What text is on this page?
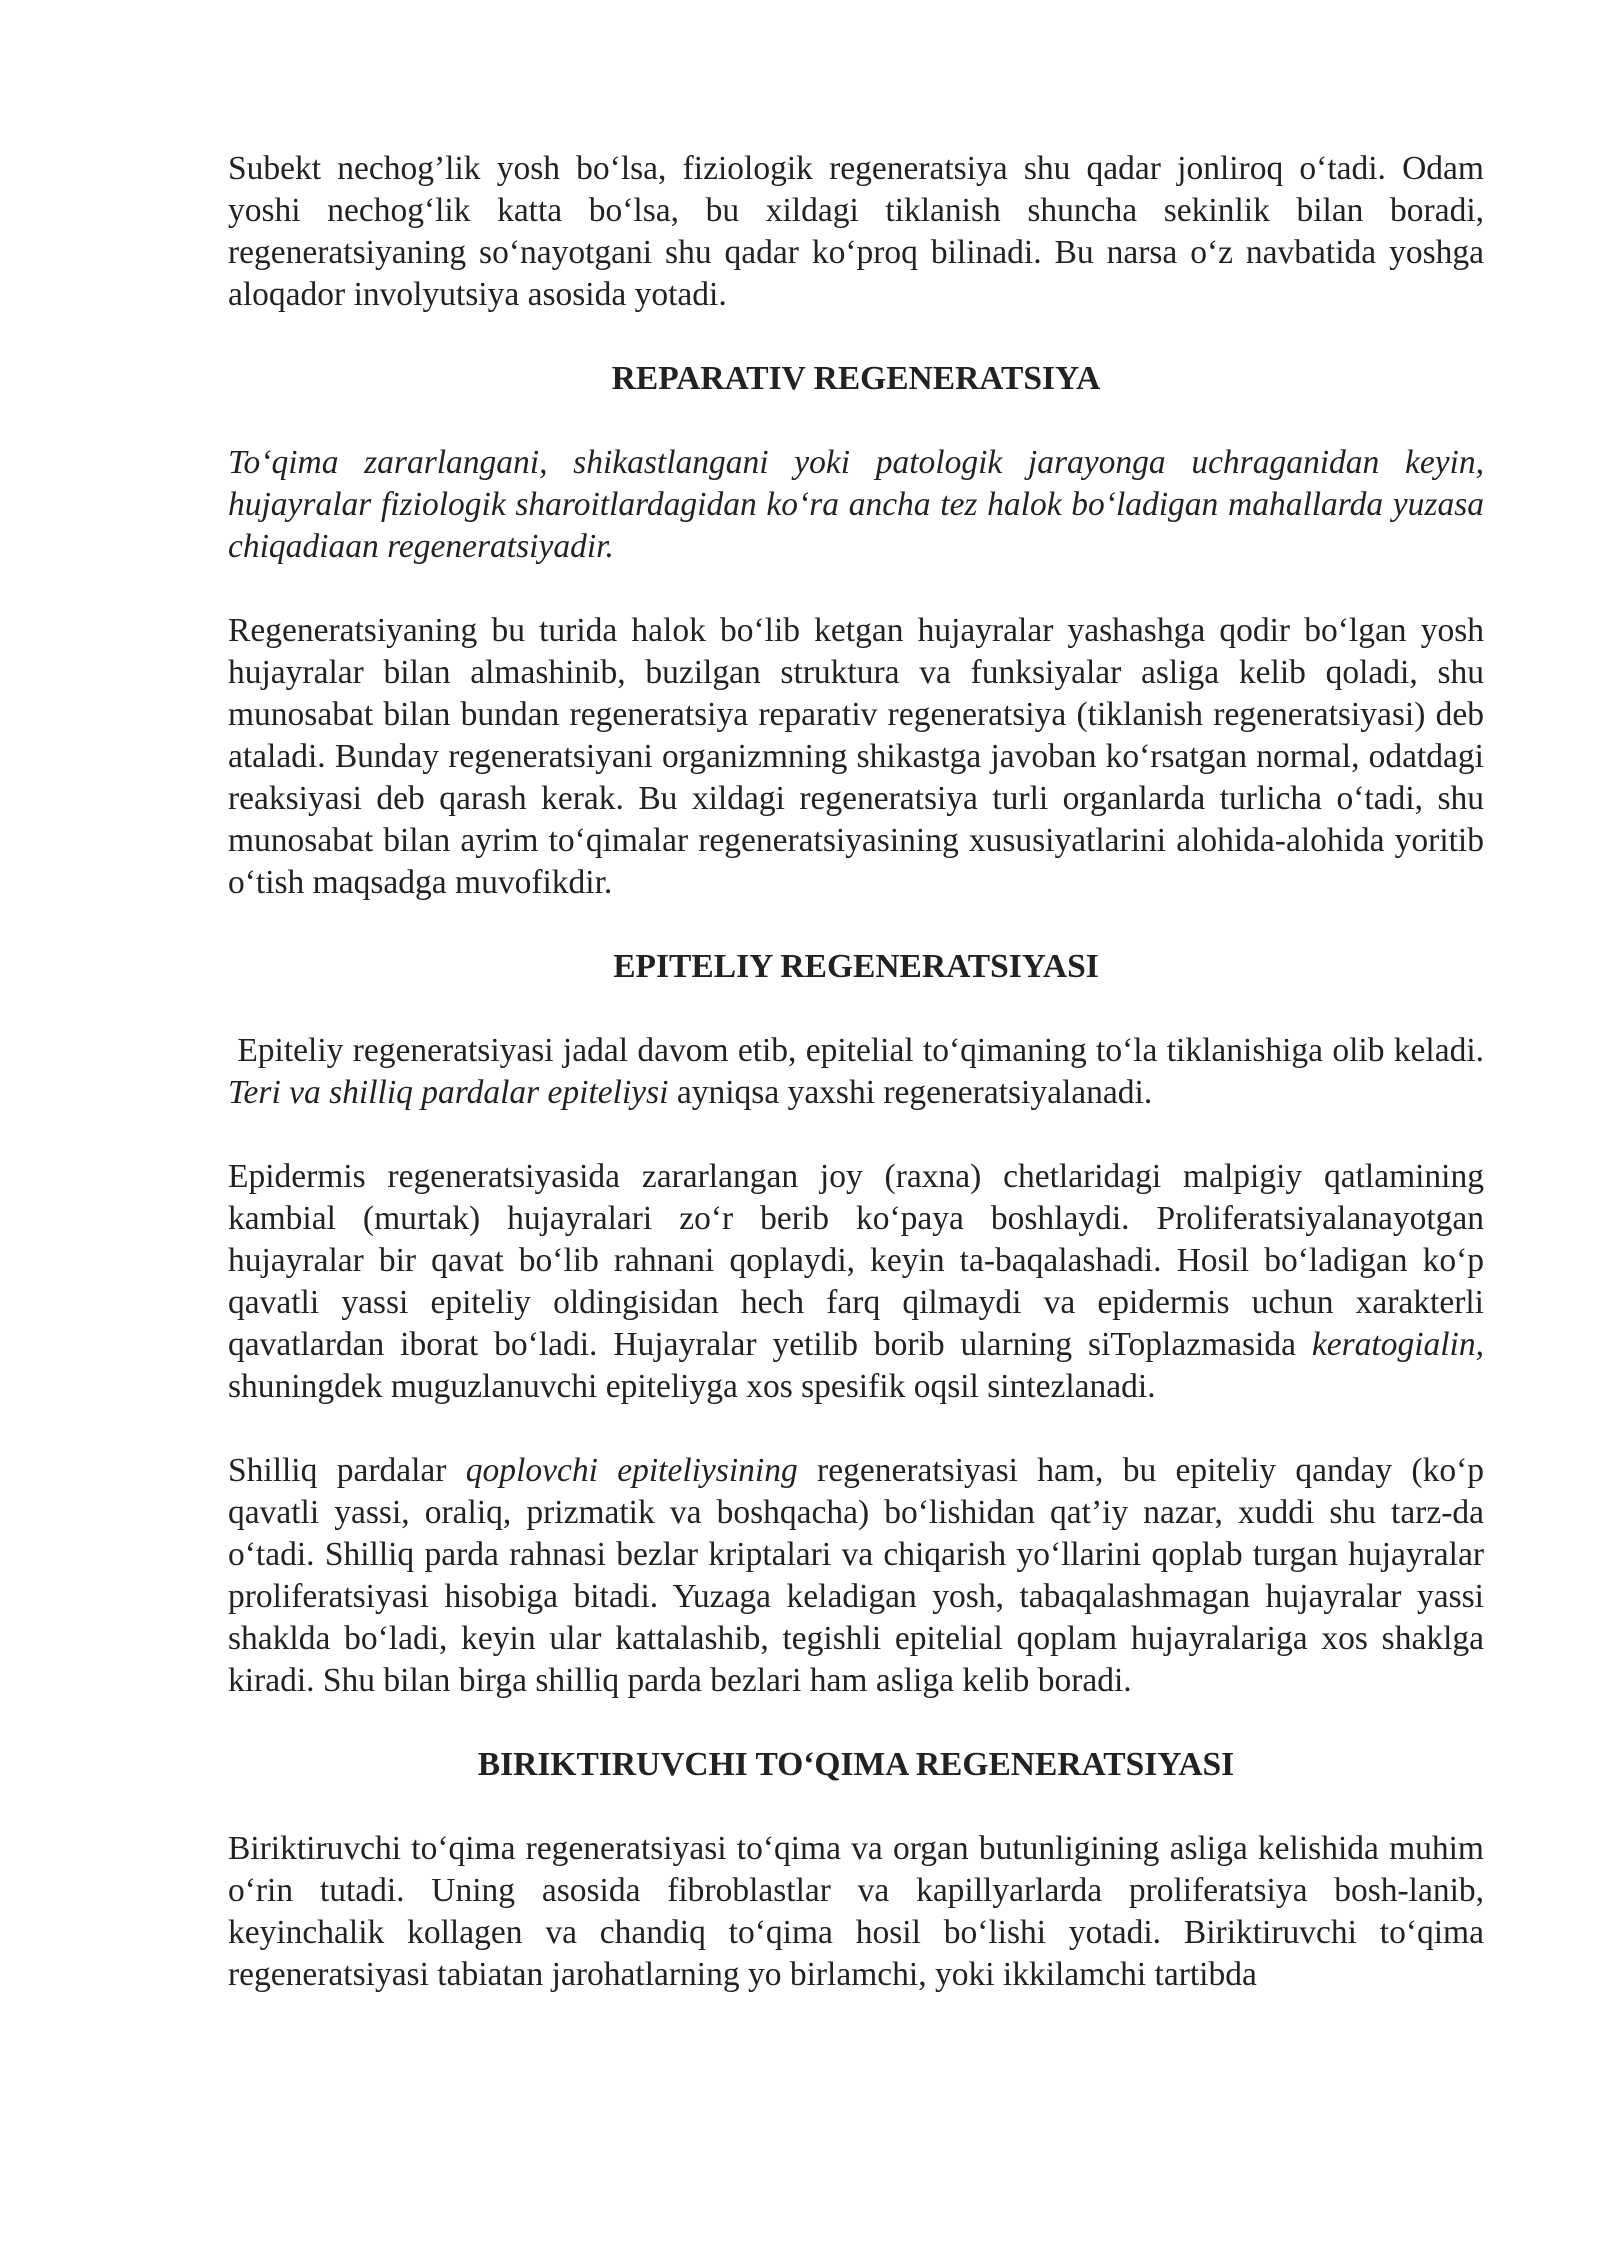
Subekt nechog’lik yosh bo‘lsa, fiziologik regeneratsiya shu qadar jonliroq o‘tadi. Odam yoshi nechog‘lik katta bo‘lsa, bu xildagi tiklanish shuncha sekinlik bilan boradi, regeneratsiyaning so‘nayotgani shu qadar ko‘proq bilinadi. Bu narsa o‘z navbatida yoshga aloqador involyutsiya asosida yotadi.

REPARATIV REGENERATSIYA

To‘qima zararlangani, shikastlangani yoki patologik jarayonga uchraganidan keyin, hujayralar fiziologik sharoitlardagidan ko‘ra ancha tez halok bo‘ladigan mahallarda yuzasa chiqadiaan regeneratsiyadir.

Regeneratsiyaning bu turida halok bo‘lib ketgan hujayralar yashashga qodir bo‘lgan yosh hujayralar bilan almashinib, buzilgan struktura va funksiyalar asliga kelib qoladi, shu munosabat bilan bundan regeneratsiya reparativ regeneratsiya (tiklanish regeneratsiyasi) deb ataladi. Bunday regeneratsiyani organizmning shikastga javoban ko‘rsatgan normal, odatdagi reaksiyasi deb qarash kerak. Bu xildagi regeneratsiya turli organlarda turlicha o‘tadi, shu munosabat bilan ayrim to‘qimalar regeneratsiyasining xususiyatlarini alohida-alohida yoritib o‘tish maqsadga muvofikdir.

EPITELIY REGENERATSIYASI

Epiteliy regeneratsiyasi jadal davom etib, epitelial to‘qimaning to‘la tiklanishiga olib keladi. Teri va shilliq pardalar epiteliysi ayniqsa yaxshi regeneratsiyalanadi.

Epidermis regeneratsiyasida zararlangan joy (raxna) chetlaridagi malpigiy qatlamining kambial (murtak) hujayralari zo‘r berib ko‘paya boshlaydi. Proliferatsiyalanayotgan hujayralar bir qavat bo‘lib rahnani qoplaydi, keyin ta-baqalashadi. Hosil bo‘ladigan ko‘p qavatli yassi epiteliy oldingisidan hech farq qilmaydi va epidermis uchun xarakterli qavatlardan iborat bo‘ladi. Hujayralar yetilib borib ularning siToplazmasida keratogialin, shuningdek muguzlanuvchi epiteliyga xos spesifik oqsil sintezlanadi.

Shilliq pardalar qoplovchi epiteliysining regeneratsiyasi ham, bu epiteliy qanday (ko‘p qavatli yassi, oraliq, prizmatik va boshqacha) bo‘lishidan qat’iy nazar, xuddi shu tarz-da o‘tadi. Shilliq parda rahnasi bezlar kriptalari va chiqarish yo‘llarini qoplab turgan hujayralar proliferatsiyasi hisobiga bitadi. Yuzaga keladigan yosh, tabaqalashmagan hujayralar yassi shaklda bo‘ladi, keyin ular kattalashib, tegishli epitelial qoplam hujayralariga xos shaklga kiradi. Shu bilan birga shilliq parda bezlari ham asliga kelib boradi.

BIRIKTIRUVCHI TO‘QIMA REGENERATSIYASI

Biriktiruvchi to‘qima regeneratsiyasi to‘qima va organ butunligining asliga kelishida muhim o‘rin tutadi. Uning asosida fibroblastlar va kapillyarlarda proliferatsiya bosh-lanib, keyinchalik kollagen va chandiq to‘qima hosil bo‘lishi yotadi. Biriktiruvchi to‘qima regeneratsiyasi tabiatan jarohatlarning yo birlamchi, yoki ikkilamchi tartibda
